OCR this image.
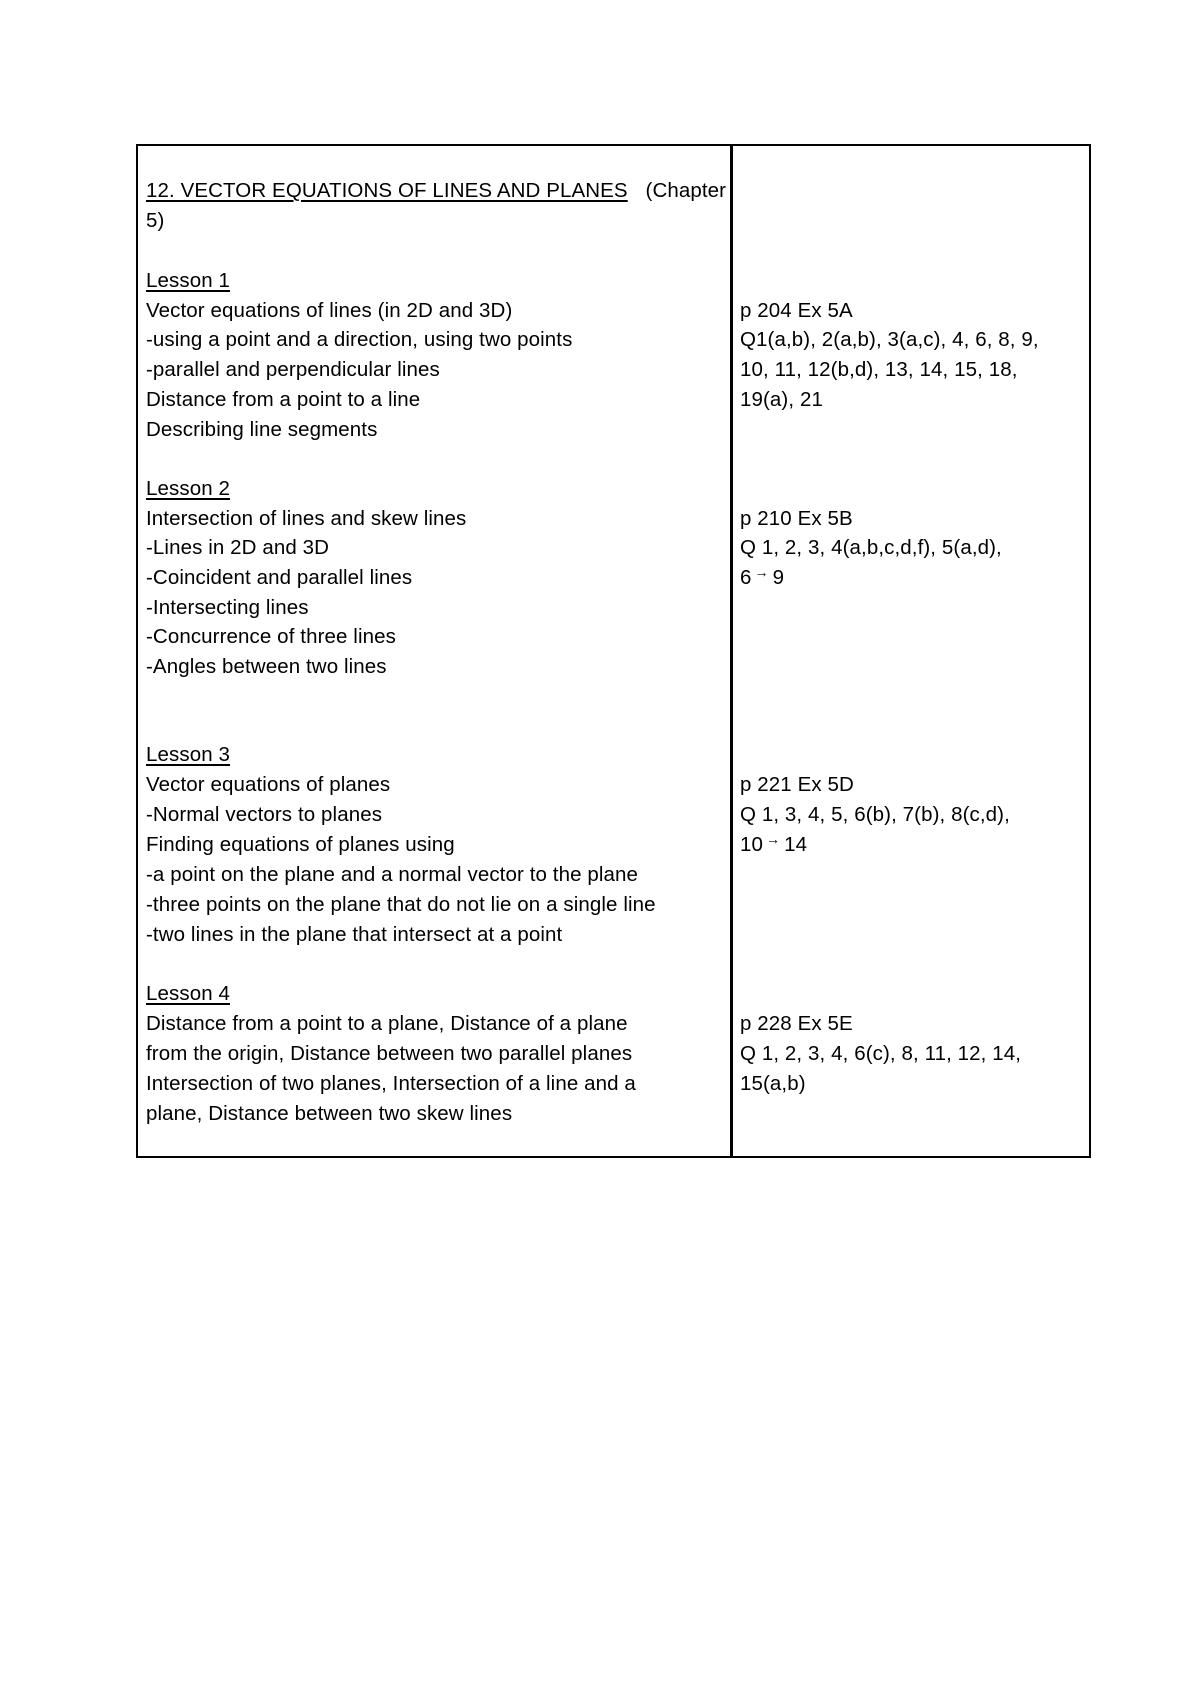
12. VECTOR EQUATIONS OF LINES AND PLANES (Chapter
5)
Lesson 1
Vector equations of lines (in 2D and 3D)
-using a point and a direction, using two points
-parallel and perpendicular lines
Distance from a point to a line
Describing line segments
p 204 Ex 5A
Q1(a,b), 2(a,b), 3(a,c), 4, 6, 8, 9,
10, 11, 12(b,d), 13, 14, 15, 18,
19(a), 21
Lesson 2
Intersection of lines and skew lines
-Lines in 2D and 3D
-Coincident and parallel lines
-Intersecting lines
-Concurrence of three lines
-Angles between two lines
p 210 Ex 5B
Q 1, 2, 3, 4(a,b,c,d,f), 5(a,d),
6 → 9
Lesson 3
Vector equations of planes
-Normal vectors to planes
Finding equations of planes using
-a point on the plane and a normal vector to the plane
-three points on the plane that do not lie on a single line
-two lines in the plane that intersect at a point
p 221 Ex 5D
Q 1, 3, 4, 5, 6(b), 7(b), 8(c,d),
10 → 14
Lesson 4
Distance from a point to a plane, Distance of a plane
from the origin, Distance between two parallel planes
Intersection of two planes, Intersection of a line and a
plane, Distance between two skew lines
p 228 Ex 5E
Q 1, 2, 3, 4, 6(c), 8, 11, 12, 14,
15(a,b)
